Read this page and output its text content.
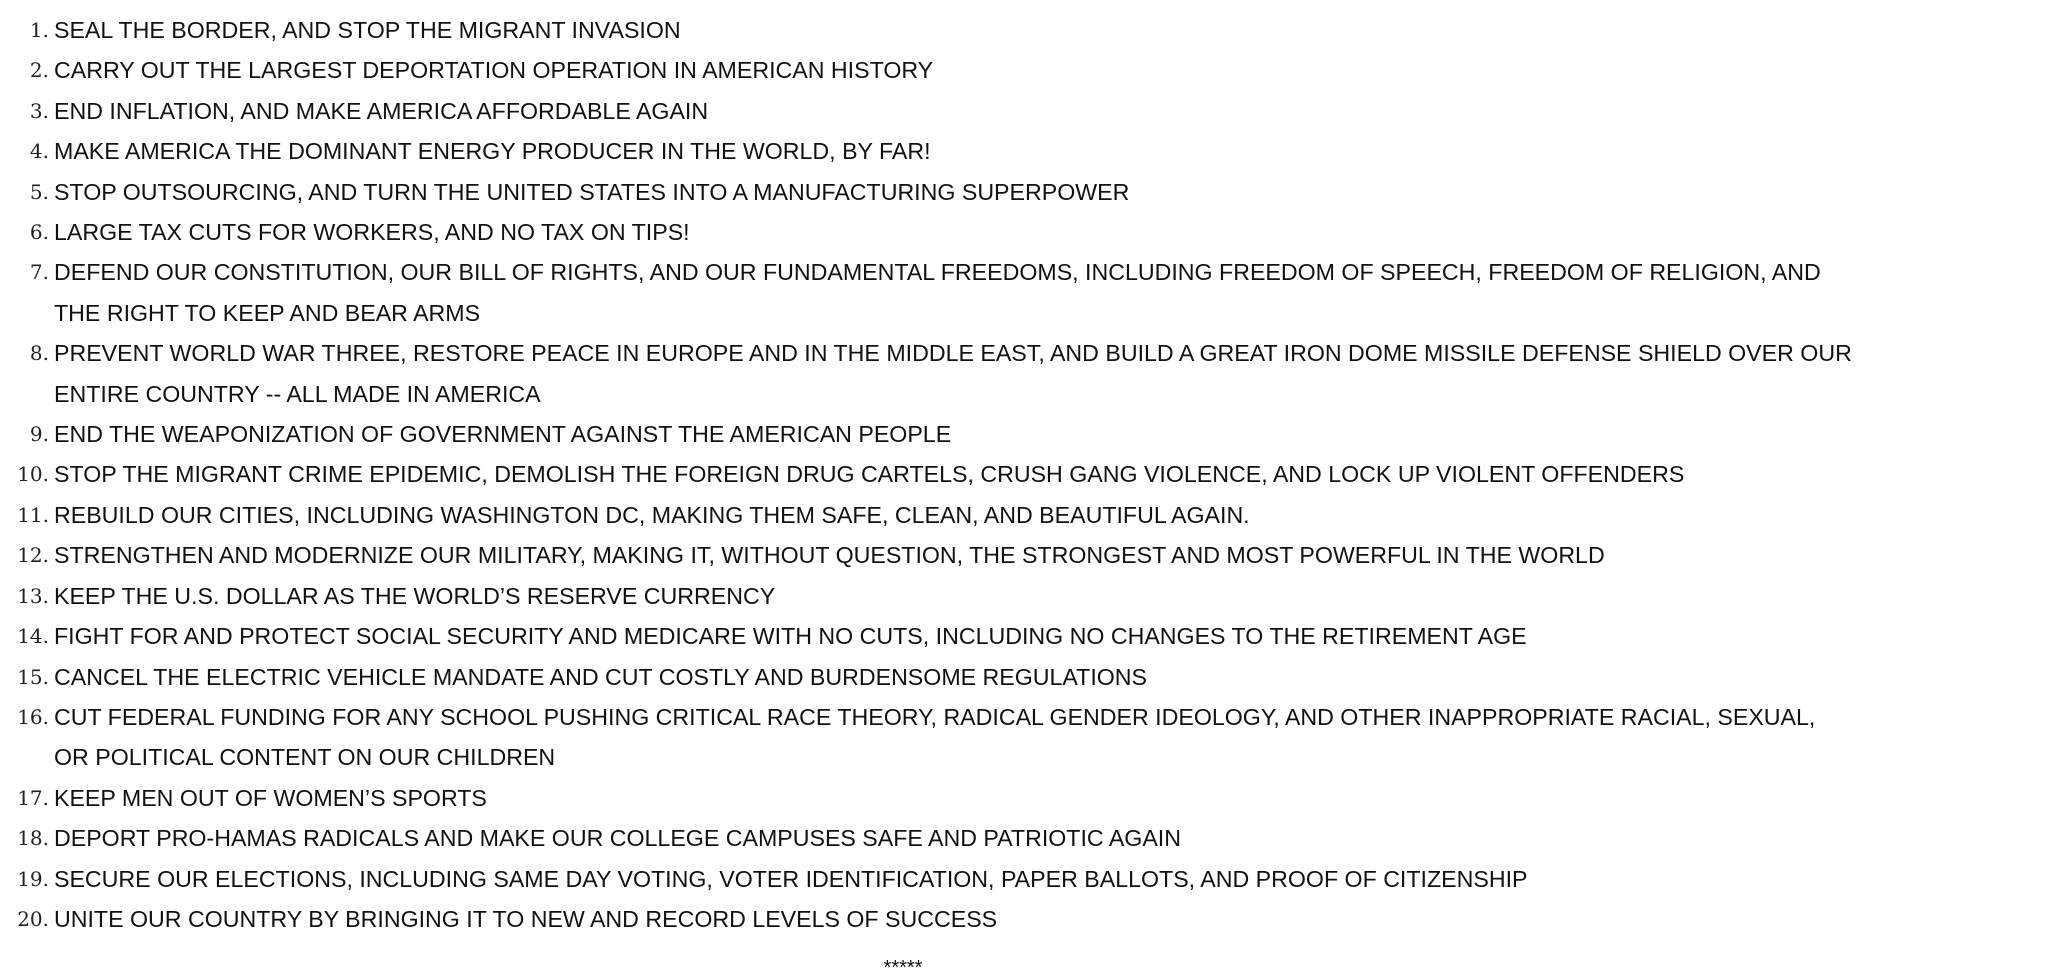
1. SEAL THE BORDER, AND STOP THE MIGRANT INVASION
2. CARRY OUT THE LARGEST DEPORTATION OPERATION IN AMERICAN HISTORY
3. END INFLATION, AND MAKE AMERICA AFFORDABLE AGAIN
4. MAKE AMERICA THE DOMINANT ENERGY PRODUCER IN THE WORLD, BY FAR!
5. STOP OUTSOURCING, AND TURN THE UNITED STATES INTO A MANUFACTURING SUPERPOWER
6. LARGE TAX CUTS FOR WORKERS, AND NO TAX ON TIPS!
7. DEFEND OUR CONSTITUTION, OUR BILL OF RIGHTS, AND OUR FUNDAMENTAL FREEDOMS, INCLUDING FREEDOM OF SPEECH, FREEDOM OF RELIGION, AND THE RIGHT TO KEEP AND BEAR ARMS
8. PREVENT WORLD WAR THREE, RESTORE PEACE IN EUROPE AND IN THE MIDDLE EAST, AND BUILD A GREAT IRON DOME MISSILE DEFENSE SHIELD OVER OUR ENTIRE COUNTRY -- ALL MADE IN AMERICA
9. END THE WEAPONIZATION OF GOVERNMENT AGAINST THE AMERICAN PEOPLE
10. STOP THE MIGRANT CRIME EPIDEMIC, DEMOLISH THE FOREIGN DRUG CARTELS, CRUSH GANG VIOLENCE, AND LOCK UP VIOLENT OFFENDERS
11. REBUILD OUR CITIES, INCLUDING WASHINGTON DC, MAKING THEM SAFE, CLEAN, AND BEAUTIFUL AGAIN.
12. STRENGTHEN AND MODERNIZE OUR MILITARY, MAKING IT, WITHOUT QUESTION, THE STRONGEST AND MOST POWERFUL IN THE WORLD
13. KEEP THE U.S. DOLLAR AS THE WORLD’S RESERVE CURRENCY
14. FIGHT FOR AND PROTECT SOCIAL SECURITY AND MEDICARE WITH NO CUTS, INCLUDING NO CHANGES TO THE RETIREMENT AGE
15. CANCEL THE ELECTRIC VEHICLE MANDATE AND CUT COSTLY AND BURDENSOME REGULATIONS
16. CUT FEDERAL FUNDING FOR ANY SCHOOL PUSHING CRITICAL RACE THEORY, RADICAL GENDER IDEOLOGY, AND OTHER INAPPROPRIATE RACIAL, SEXUAL, OR POLITICAL CONTENT ON OUR CHILDREN
17. KEEP MEN OUT OF WOMEN’S SPORTS
18. DEPORT PRO-HAMAS RADICALS AND MAKE OUR COLLEGE CAMPUSES SAFE AND PATRIOTIC AGAIN
19. SECURE OUR ELECTIONS, INCLUDING SAME DAY VOTING, VOTER IDENTIFICATION, PAPER BALLOTS, AND PROOF OF CITIZENSHIP
20. UNITE OUR COUNTRY BY BRINGING IT TO NEW AND RECORD LEVELS OF SUCCESS
*****
